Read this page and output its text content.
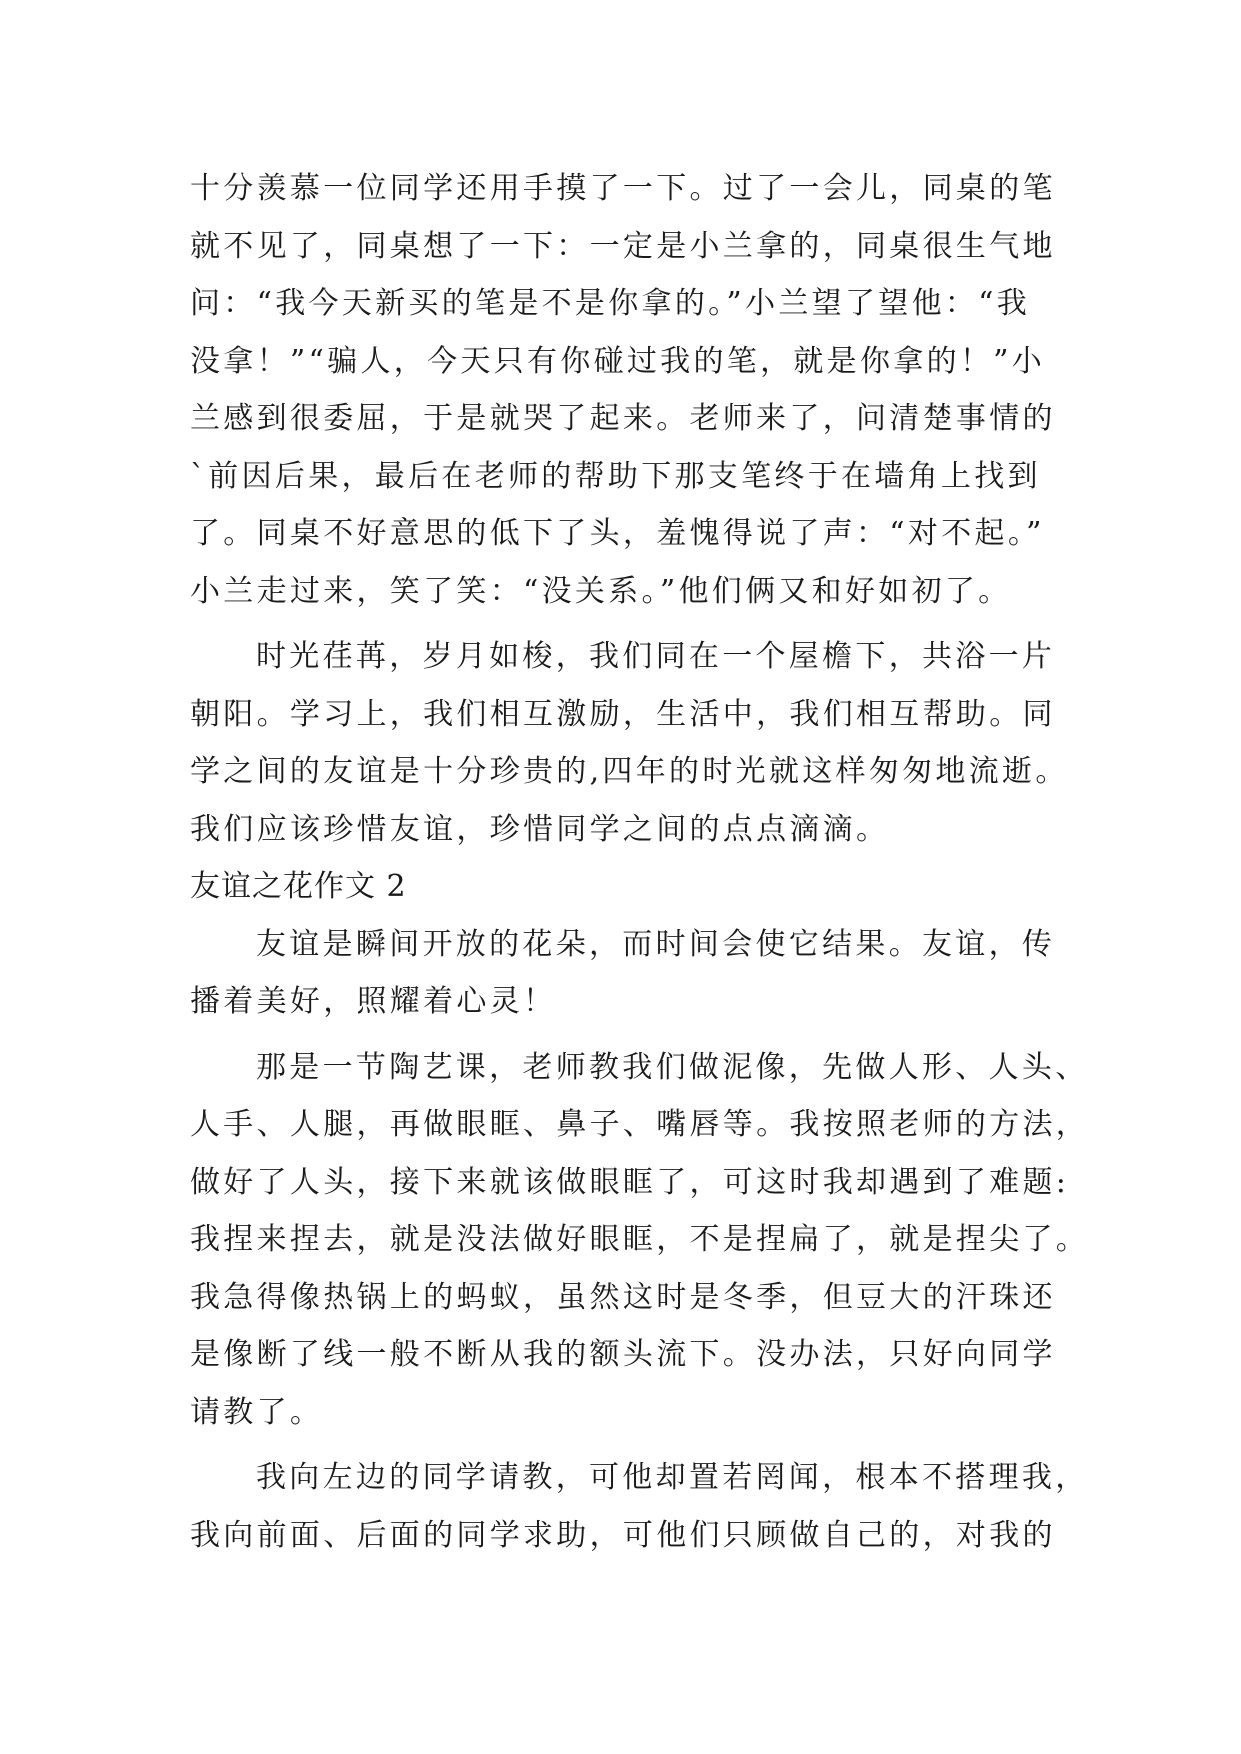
十分羡慕一位同学还用手摸了一下。过了一会儿，同桌的笔
就不见了，同桌想了一下：一定是小兰拿的，同桌很生气地
问：“我今天新买的笔是不是你拿的。”小兰望了望他：“我
没拿！”“骗人，今天只有你碰过我的笔，就是你拿的！”小
兰感到很委屈，于是就哭了起来。老师来了，问清楚事情的
`前因后果，最后在老师的帮助下那支笔终于在墙角上找到
了。同桌不好意思的低下了头，羞愧得说了声：“对不起。”
小兰走过来，笑了笑：“没关系。”他们俩又和好如初了。
时光荏苒，岁月如梭，我们同在一个屋檐下，共浴一片
朝阳。学习上，我们相互激励，生活中，我们相互帮助。同
学之间的友谊是十分珍贵的,四年的时光就这样匆匆地流逝。
我们应该珍惜友谊，珍惜同学之间的点点滴滴。
友谊之花作文 2
友谊是瞬间开放的花朵，而时间会使它结果。友谊，传
播着美好，照耀着心灵！
那是一节陶艺课，老师教我们做泥像，先做人形、人头、
人手、人腿，再做眼眶、鼻子、嘴唇等。我按照老师的方法，
做好了人头，接下来就该做眼眶了，可这时我却遇到了难题:
我捏来捏去，就是没法做好眼眶，不是捏扁了，就是捏尖了。
我急得像热锅上的蚂蚁，虽然这时是冬季，但豆大的汗珠还
是像断了线一般不断从我的额头流下。没办法，只好向同学
请教了。
我向左边的同学请教，可他却置若罔闻，根本不搭理我，
我向前面、后面的同学求助，可他们只顾做自己的，对我的
